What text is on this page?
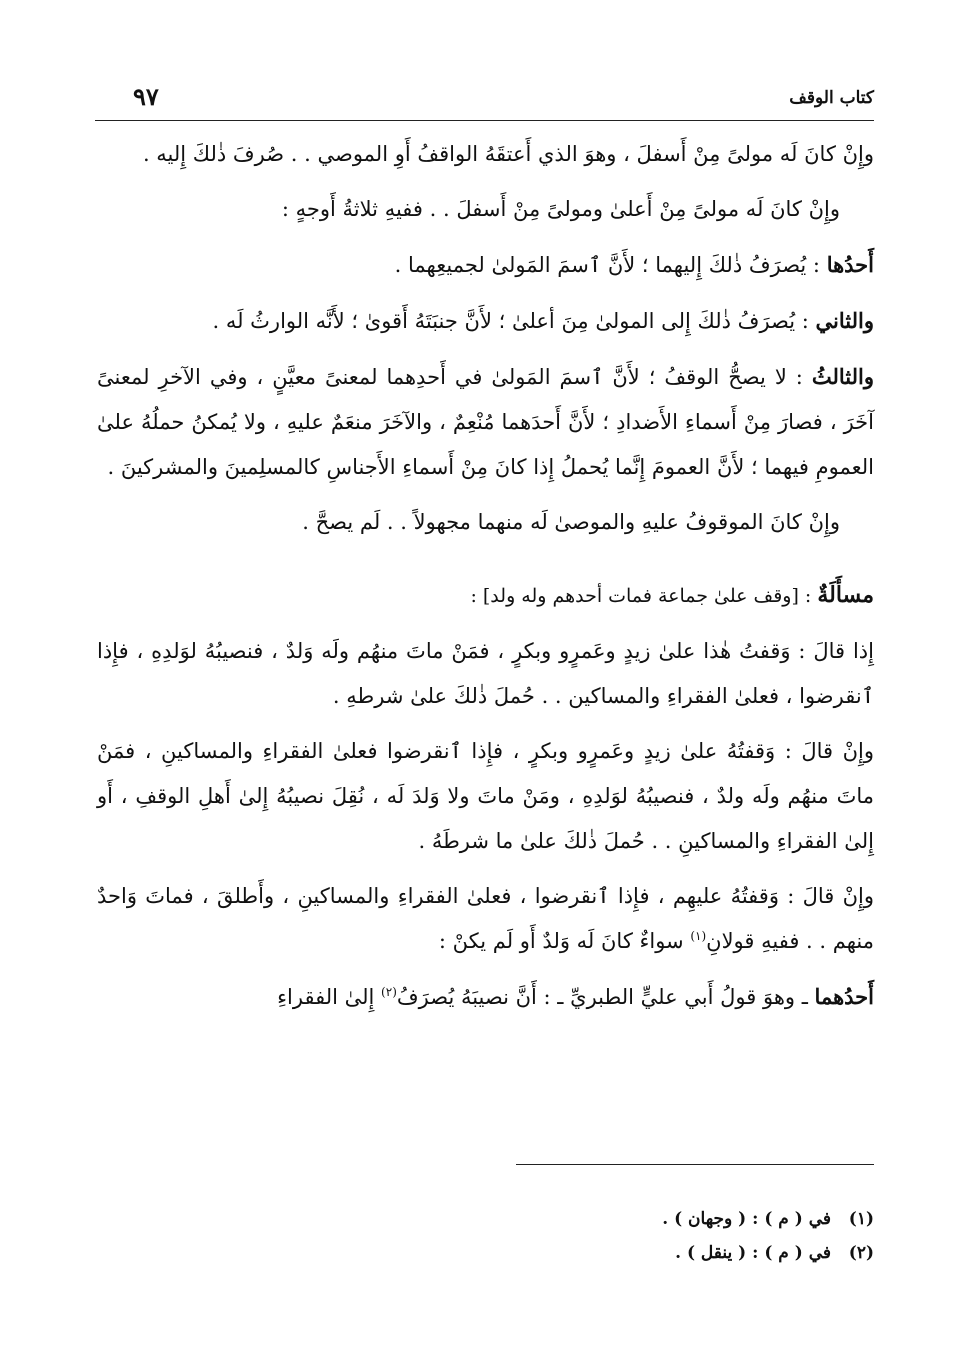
كتاب الوقف
٩٧

وإِنْ كانَ لَه مولىً مِنْ أَسفلَ ، وهوَ الذي أَعتقَهُ الواقفُ أَوِ الموصي . . صُرفَ ذٰلكَ إِليه .

وإِنْ كانَ لَه مولىً مِنْ أَعلىٰ ومولىً مِنْ أَسفلَ . . ففيهِ ثلاثةُ أَوجهٍ :

أَحدُها : يُصرَفُ ذٰلكَ إِليهما ؛ لأَنَّ ٱسمَ المَولىٰ لجميعِهما .

والثاني : يُصرَفُ ذٰلكَ إِلى المولىٰ مِنَ أعلىٰ ؛ لأَنَّ جنبَتَهُ أَقوىٰ ؛ لأَنَّه الوارثُ لَه .

والثالثُ : لا يصحُّ الوقفُ ؛ لأَنَّ ٱسمَ المَولىٰ في أَحدِهما لمعنىً معيَّنٍ ، وفي الآخرِ لمعنىً آخَرَ ، فصارَ مِنْ أَسماءِ الأَضدادِ ؛ لأَنَّ أَحدَهما مُنْعِمٌ ، والآخَرَ منعَمٌ عليهِ ، ولا يُمكنُ حملُهُ علىٰ العمومِ فيهما ؛ لأَنَّ العمومَ إِنَّما يُحملُ إِذا كانَ مِنْ أَسماءِ الأَجناسِ كالمسلِمينَ والمشركينَ .

وإِنْ كانَ الموقوفُ عليهِ والموصىٰ لَه منهما مجهولاً . . لَم يصحَّ .

مسأَلَةٌ : [وقف علىٰ جماعة فمات أحدهم وله ولد] :

إِذا قالَ : وَقفتُ هٰذا علىٰ زيدٍ وعَمرٍو وبكرٍ ، فمَنْ ماتَ منهُم ولَه وَلدٌ ، فنصيبُهُ لوَلدِهِ ، فإِذا ٱنقرضوا ، فعلىٰ الفقراءِ والمساكين . . حُملَ ذٰلكَ علىٰ شرطهِ .

وإِنْ قالَ : وَقفتُهُ علىٰ زيدٍ وعَمرٍو وبكرٍ ، فإِذا ٱنقرضوا فعلىٰ الفقراءِ والمساكينِ ، فمَنْ ماتَ منهُم ولَه ولدٌ ، فنصيبُهُ لوَلدِهِ ، ومَنْ ماتَ ولا وَلدَ لَه ، نُقِلَ نصيبُهُ إِلىٰ أَهلِ الوقفِ ، أَو إِلىٰ الفقراءِ والمساكينِ . . حُملَ ذٰلكَ علىٰ ما شرطَهُ .

وإِنْ قالَ : وَقفتُهُ عليهِم ، فإِذا ٱنقرضوا ، فعلىٰ الفقراءِ والمساكينِ ، وأَطلقَ ، فماتَ وَاحدٌ منهم . . ففيهِ قولانِ$^{(١)}$ سواءٌ كانَ لَه وَلدٌ أَو لَم يكنْ :

أَحدُهما ـ وهوَ قولُ أَبي عليٍّ الطبريِّ ـ : أَنَّ نصيبَهُ يُصرَفُ$^{(٢)}$ إِلىٰ الفقراءِ

(١)   في ( م ) : ( وجهان ) .
(٢)   في ( م ) : ( ينقل ) .
